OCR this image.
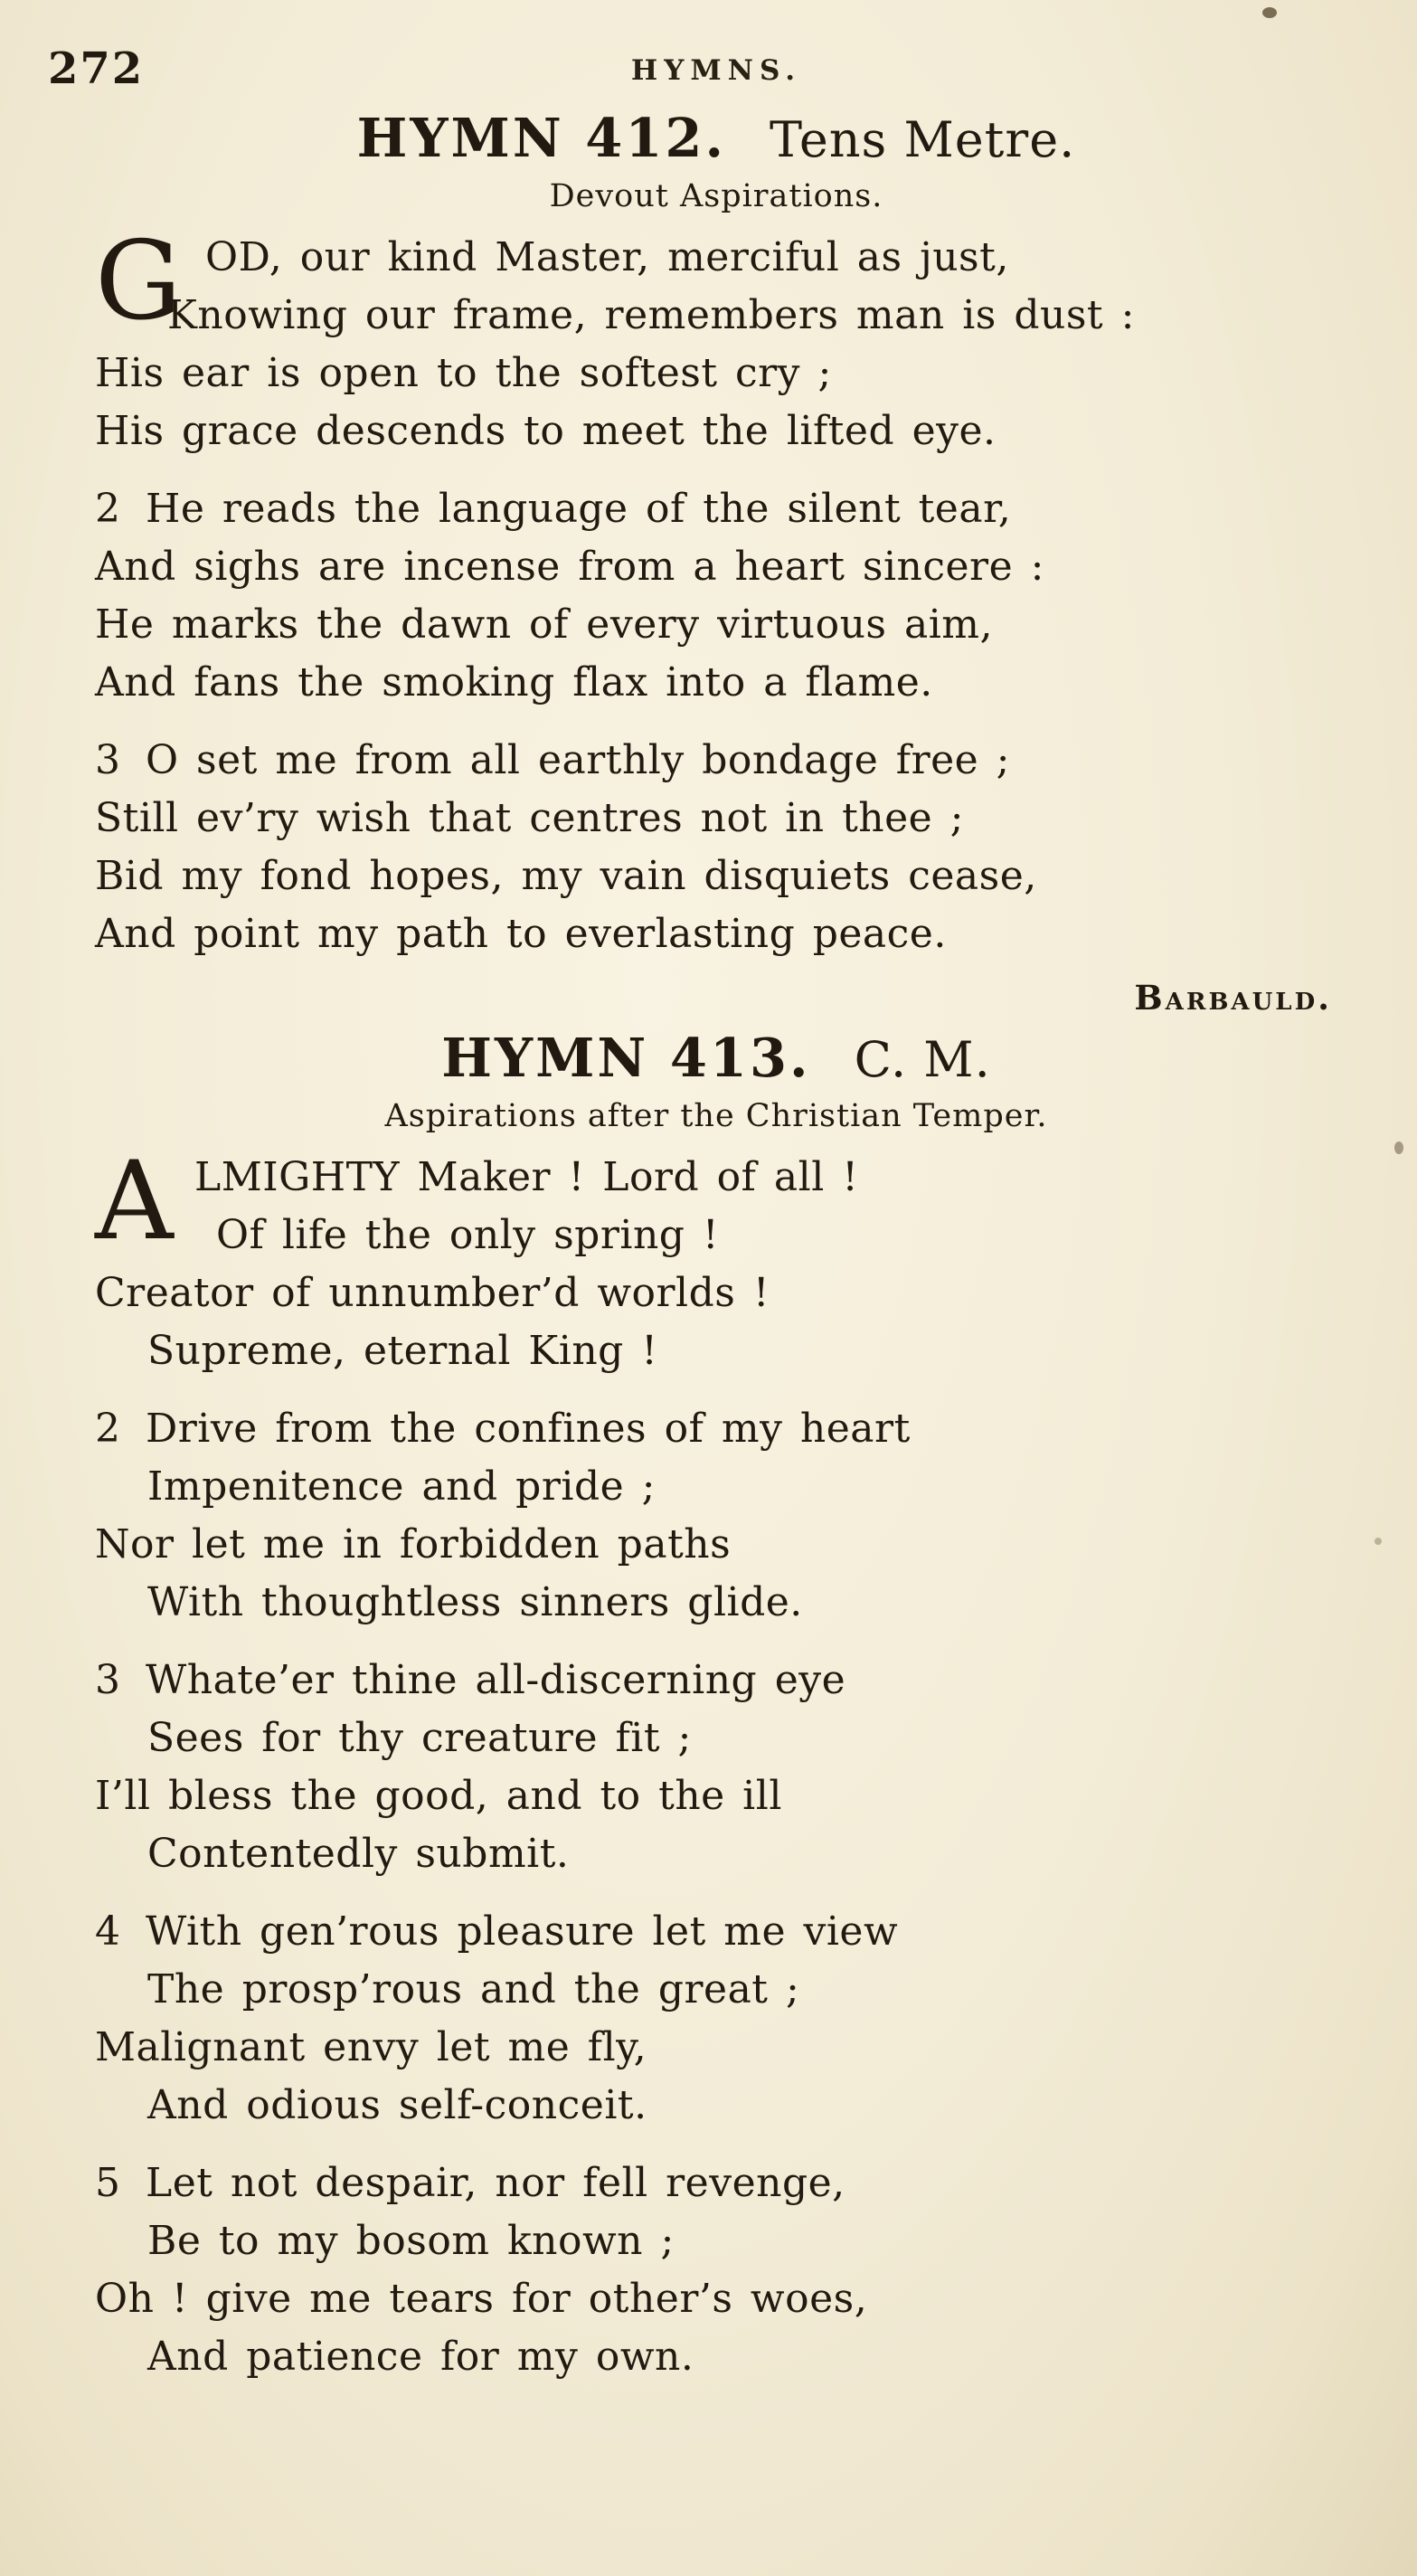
272	HYMNS.
HYMN 412. Tens Metre.
Devout Aspirations.
G OD, our kind Master, merciful as just,
Knowing our frame, remembers man is dust :
His ear is open to the softest cry ;
His grace descends to meet the lifted eye.
2 He reads the language of the silent tear,
And sighs are incense from a heart sincere :
He marks the dawn of every virtuous aim,
And fans the smoking flax into a flame.
3 O set me from all earthly bondage free ;
Still ev’ry wish that centres not in thee ;
Bid my fond hopes, my vain disquiets cease,
And point my path to everlasting peace.
Barbauld.
HYMN 413. C. M.
Aspirations after the Christian Temper.
A LMIGHTY Maker ! Lord of all !
Of life the only spring !
Creator of unnumber’d worlds !
Supreme, eternal King !
2 Drive from the confines of my heart
Impenitence and pride ;
Nor let me in forbidden paths
With thoughtless sinners glide.
3 Whate’er thine all-discerning eye
Sees for thy creature fit ;
I’ll bless the good, and to the ill
Contentedly submit.
4 With gen’rous pleasure let me view
The prosp’rous and the great ;
Malignant envy let me fly,
And odious self-conceit.
5 Let not despair, nor fell revenge,
Be to my bosom known ;
Oh ! give me tears for other’s woes,
And patience for my own.
